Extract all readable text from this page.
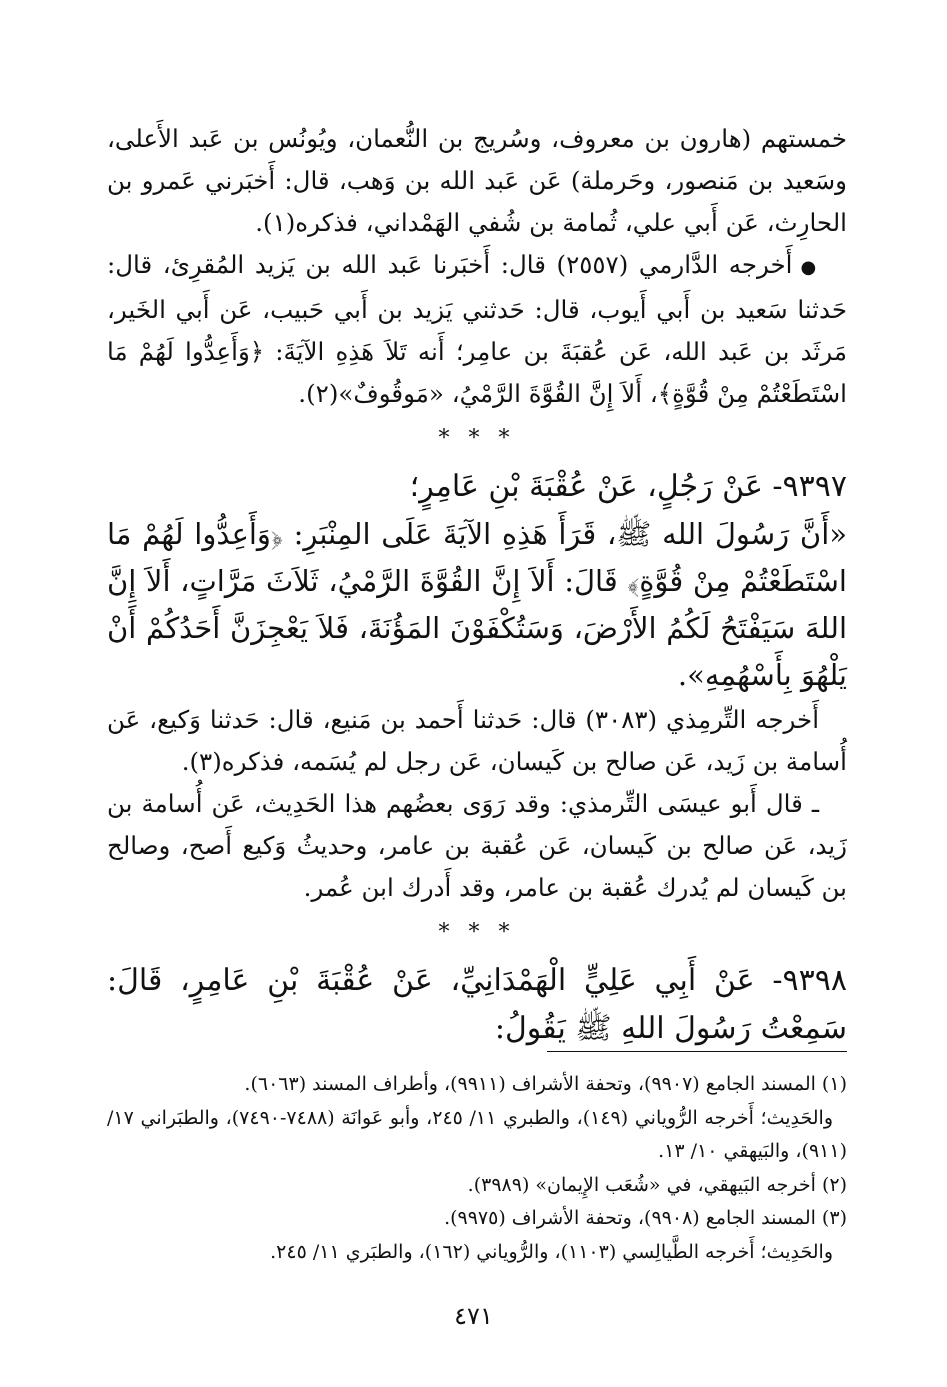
خمستهم (هارون بن معروف، وسُريج بن النُّعمان، ويُونُس بن عَبد الأَعلى، وسَعيد بن مَنصور، وحَرملة) عَن عَبد الله بن وَهب، قال: أَخبَرني عَمرو بن الحارِث، عَن أَبي علي، ثُمامة بن شُفي الهَمْداني، فذكره(١).

●أَخرجه الدَّارمي (٢٥٥٧) قال: أَخبَرنا عَبد الله بن يَزيد المُقرِئ، قال: حَدثنا سَعيد بن أَبي أَيوب، قال: حَدثني يَزيد بن أَبي حَبيب، عَن أَبي الخَير، مَرثَد بن عَبد الله، عَن عُقبَةَ بن عامِر؛ أَنه تَلاَ هَذِهِ الآيَةَ: ﴿وَأَعِدُّوا لَهُمْ مَا اسْتَطَعْتُمْ مِنْ قُوَّةٍ﴾، أَلاَ إِنَّ القُوَّةَ الرَّمْيُ، «مَوقُوفٌ»(٢).

* * *

٩٣٩٧- عَنْ رَجُلٍ، عَنْ عُقْبَةَ بْنِ عَامِرٍ؛

«أَنَّ رَسُولَ الله ﷺ، قَرَأَ هَذِهِ الآيَةَ عَلَى المِنْبَرِ: ﴿وَأَعِدُّوا لَهُمْ مَا اسْتَطَعْتُمْ مِنْ قُوَّةٍ﴾ قَالَ: أَلاَ إِنَّ القُوَّةَ الرَّمْيُ، ثَلاَثَ مَرَّاتٍ، أَلاَ إِنَّ اللهَ سَيَفْتَحُ لَكُمُ الأَرْضَ، وَسَتُكْفَوْنَ المَؤُنَةَ، فَلاَ يَعْجِزَنَّ أَحَدُكُمْ أَنْ يَلْهُوَ بِأَسْهُمِهِ».

أَخرجه التِّرمِذي (٣٠٨٣) قال: حَدثنا أَحمد بن مَنيع، قال: حَدثنا وَكيع، عَن أُسامة بن زَيد، عَن صالح بن كَيسان، عَن رجل لم يُسَمه، فذكره(٣).

ـ قال أَبو عيسَى التِّرمذي: وقد رَوَى بعضُهم هذا الحَدِيث، عَن أُسامة بن زَيد، عَن صالح بن كَيسان، عَن عُقبة بن عامر، وحديثُ وَكيع أَصح، وصالح بن كَيسان لم يُدرك عُقبة بن عامر، وقد أَدرك ابن عُمر.

* * *

٩٣٩٨- عَنْ أَبِي عَلِيٍّ الْهَمْدَانِيِّ، عَنْ عُقْبَةَ بْنِ عَامِرٍ، قَالَ: سَمِعْتُ رَسُولَ اللهِ ﷺ يَقُولُ:

(١) المسند الجامع (٩٩٠٧)، وتحفة الأشراف (٩٩١١)، وأطراف المسند (٦٠٦٣).

والحَدِيث؛ أَخرجه الرُّوياني (١٤٩)، والطبري ١١/ ٢٤٥، وأبو عَوانَة (٧٤٨٨-٧٤٩٠)، والطبَراني ١٧/ (٩١١)، والبَيهقي ١٠/ ١٣.

(٢) أخرجه البَيهقي، في «شُعَب الإِيمان» (٣٩٨٩).

(٣) المسند الجامع (٩٩٠٨)، وتحفة الأشراف (٩٩٧٥).

والحَدِيث؛ أَخرجه الطَّيالِسي (١١٠٣)، والرُّوياني (١٦٢)، والطبَري ١١/ ٢٤٥.

٤٧١
